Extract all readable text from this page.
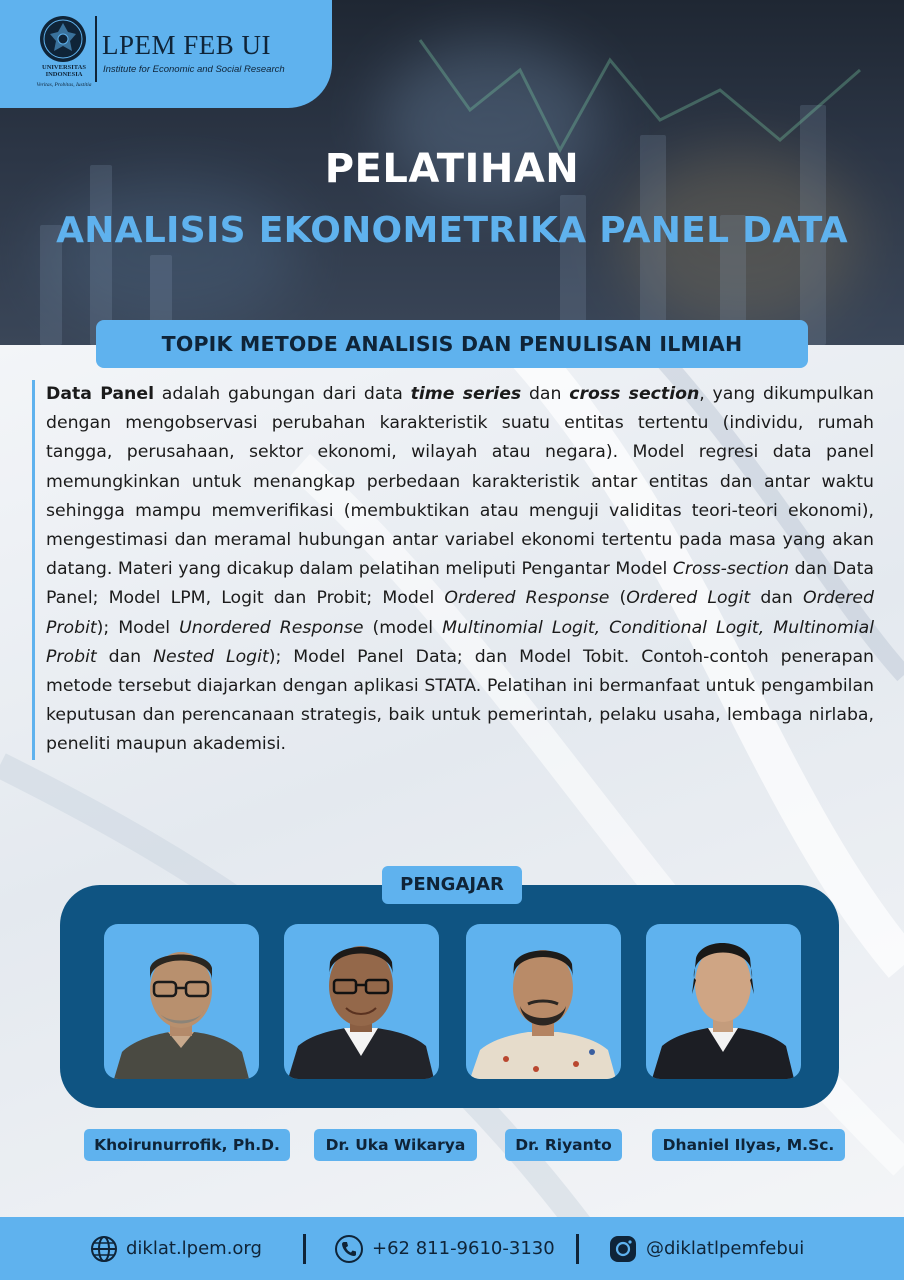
UNIVERSITAS
INDONESIA
Veritas, Probitas, Iustitia
LPEM FEB UI
Institute for Economic and Social Research
PELATIHAN
ANALISIS EKONOMETRIKA PANEL DATA
TOPIK METODE ANALISIS DAN PENULISAN ILMIAH
Data Panel adalah gabungan dari data time series dan cross section, yang dikumpulkan dengan mengobservasi perubahan karakteristik suatu entitas tertentu (individu, rumah tangga, perusahaan, sektor ekonomi, wilayah atau negara). Model regresi data panel memungkinkan untuk menangkap perbedaan karakteristik antar entitas dan antar waktu sehingga mampu memverifikasi (membuktikan atau menguji validitas teori-teori ekonomi), mengestimasi dan meramal hubungan antar variabel ekonomi tertentu pada masa yang akan datang. Materi yang dicakup dalam pelatihan meliputi Pengantar Model Cross-section dan Data Panel; Model LPM, Logit dan Probit; Model Ordered Response (Ordered Logit dan Ordered Probit); Model Unordered Response (model Multinomial Logit, Conditional Logit, Multinomial Probit dan Nested Logit); Model Panel Data; dan Model Tobit. Contoh-contoh penerapan metode tersebut diajarkan dengan aplikasi STATA. Pelatihan ini bermanfaat untuk pengambilan keputusan dan perencanaan strategis, baik untuk pemerintah, pelaku usaha, lembaga nirlaba, peneliti maupun akademisi.
PENGAJAR
Khoirunurrofik, Ph.D.	Dr. Uka Wikarya	Dr. Riyanto	Dhaniel Ilyas, M.Sc.
diklat.lpem.org	+62 811-9610-3130	@diklatlpemfebui
